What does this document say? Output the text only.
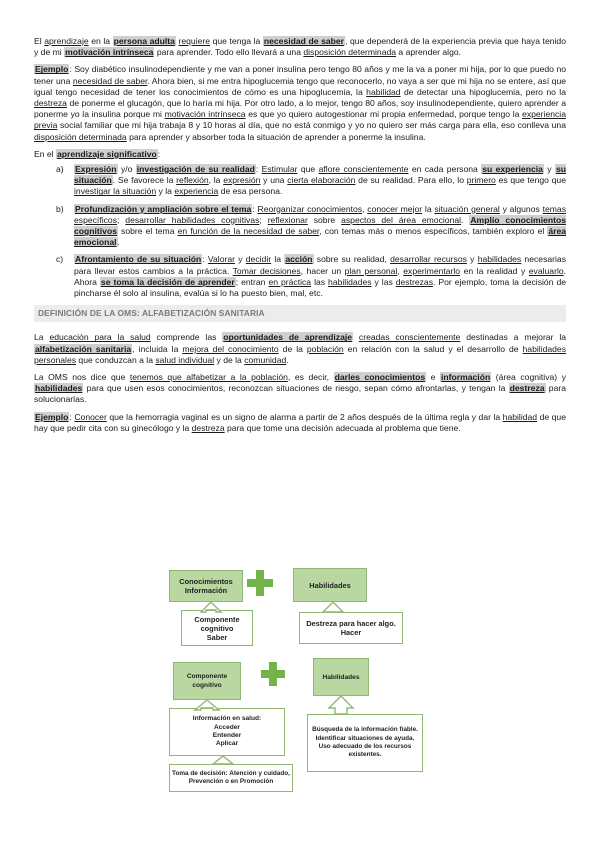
El aprendizaje en la persona adulta requiere que tenga la necesidad de saber, que dependerá de la experiencia previa que haya tenido y de mi motivación intrínseca para aprender. Todo ello llevará a una disposición determinada a aprender algo.

Ejemplo: Soy diabético insulinodependiente y me van a poner insulina pero tengo 80 años y me la va a poner mi hija, por lo que puedo no tener una necesidad de saber. Ahora bien, si me entra hipoglucemia tengo que reconocerlo, no vaya a ser que mi hija no se entere, así que igual tengo necesidad de tener los conocimientos de cómo es una hipoglucemia, la habilidad de detectar una hipoglucemia, pero no la destreza de ponerme el glucagón, que lo haría mi hija. Por otro lado, a lo mejor, tengo 80 años, soy insulinodependiente, quiero aprender a ponerme yo la insulina porque mi motivación intrínseca es que yo quiero autogestionar mi propia enfermedad, porque tengo la experiencia previa social familiar que mi hija trabaja 8 y 10 horas al día, que no está conmigo y yo no quiero ser más carga para ella, eso conlleva una disposición determinada para aprender y absorber toda la situación de aprender a ponerme la insulina.

En el aprendizaje significativo:

a) Expresión y/o investigación de su realidad: Estimular que aflore conscientemente en cada persona su experiencia y su situación. Se favorece la reflexión, la expresión y una cierta elaboración de su realidad. Para ello, lo primero es que tengo que investigar la situación y la experiencia de esa persona.
b) Profundización y ampliación sobre el tema: Reorganizar conocimientos, conocer mejor la situación general y algunos temas específicos; desarrollar habilidades cognitivas; reflexionar sobre aspectos del área emocional. Amplío conocimientos cognitivos sobre el tema en función de la necesidad de saber, con temas más o menos específicos, también exploro el área emocional.
c) Afrontamiento de su situación: Valorar y decidir la acción sobre su realidad, desarrollar recursos y habilidades necesarias para llevar estos cambios a la práctica. Tomar decisiones, hacer un plan personal, experimentarlo en la realidad y evaluarlo. Ahora se toma la decisión de aprender; entran en práctica las habilidades y las destrezas. Por ejemplo, toma la decisión de pincharse él solo al insulina, evalúa si lo ha puesto bien, mal, etc.
DEFINICIÓN DE LA OMS: ALFABETIZACIÓN SANITARIA

La educación para la salud comprende las oportunidades de aprendizaje creadas conscientemente destinadas a mejorar la alfabetización sanitaria, incluida la mejora del conocimiento de la población en relación con la salud y el desarrollo de habilidades personales que conduzcan a la salud individual y de la comunidad.

La OMS nos dice que tenemos que alfabetizar a la población, es decir, darles conocimientos e información (área cognitiva) y habilidades para que usen esos conocimientos, reconozcan situaciones de riesgo, sepan cómo afrontarlas, y tengan la destreza para solucionarlas.

Ejemplo: Conocer que la hemorragia vaginal es un signo de alarma a partir de 2 años después de la última regla y dar la habilidad de que hay que pedir cita con su ginecólogo y la destreza para que tome una decisión adecuada al problema que tiene.

Conocimientos
Información
Componente
cognitivo
Saber
Habilidades
Destreza para hacer algo.
Hacer
Componente
cognitivo
Información en salud:
Acceder
Entender
Aplicar
Toma de decisión: Atención y cuidado,
Prevención o en Promoción
Habilidades
Búsqueda de la información fiable.
Identificar situaciones de ayuda.
Uso adecuado de los recursos
existentes.
